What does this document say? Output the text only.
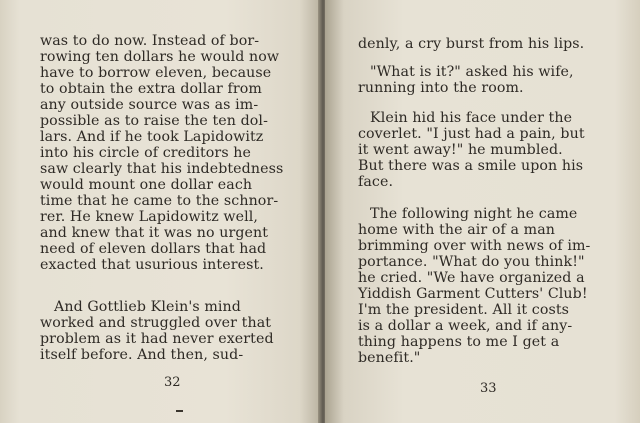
was to do now. Instead of bor-
rowing ten dollars he would now
have to borrow eleven, because
to obtain the extra dollar from
any outside source was as im-
possible as to raise the ten dol-
lars. And if he took Lapidowitz
into his circle of creditors he
saw clearly that his indebtedness
would mount one dollar each
time that he came to the schnor-
rer. He knew Lapidowitz well,
and knew that it was no urgent
need of eleven dollars that had
exacted that usurious interest.
And Gottlieb Klein's mind
worked and struggled over that
problem as it had never exerted
itself before. And then, sud-
32
denly, a cry burst from his lips.
"What is it?" asked his wife,
running into the room.
Klein hid his face under the
coverlet. "I just had a pain, but
it went away!" he mumbled.
But there was a smile upon his
face.
The following night he came
home with the air of a man
brimming over with news of im-
portance. "What do you think!"
he cried. "We have organized a
Yiddish Garment Cutters' Club!
I'm the president. All it costs
is a dollar a week, and if any-
thing happens to me I get a
benefit."
33
